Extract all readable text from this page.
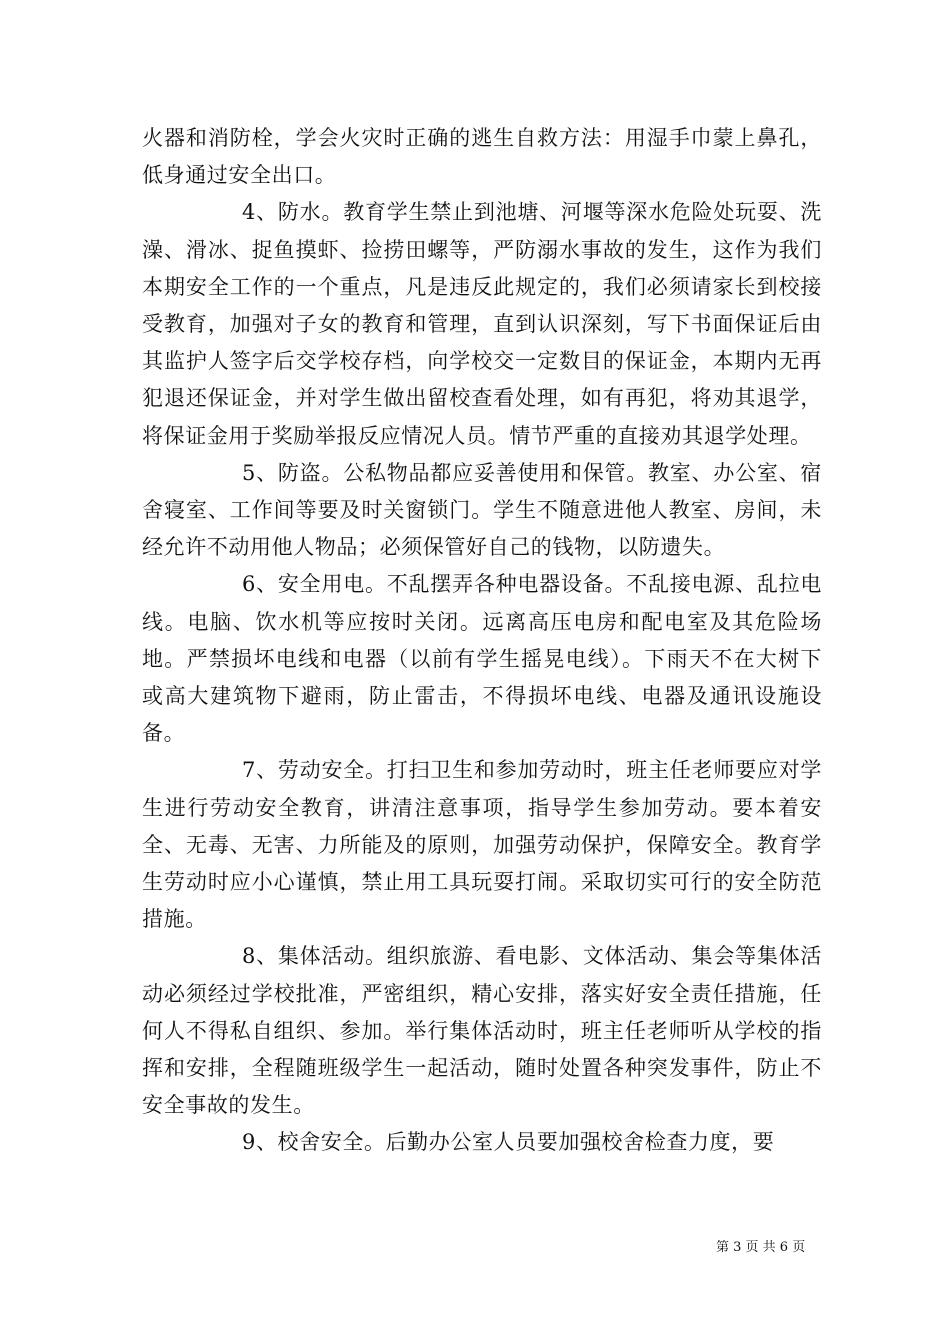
火器和消防栓，学会火灾时正确的逃生自救方法：用湿手巾蒙上鼻孔，低身通过安全出口。

4、防水。教育学生禁止到池塘、河堰等深水危险处玩耍、洗澡、滑冰、捉鱼摸虾、捡捞田螺等，严防溺水事故的发生，这作为我们本期安全工作的一个重点，凡是违反此规定的，我们必须请家长到校接受教育，加强对子女的教育和管理，直到认识深刻，写下书面保证后由其监护人签字后交学校存档，向学校交一定数目的保证金，本期内无再犯退还保证金，并对学生做出留校查看处理，如有再犯，将劝其退学，将保证金用于奖励举报反应情况人员。情节严重的直接劝其退学处理。

5、防盗。公私物品都应妥善使用和保管。教室、办公室、宿舍寝室、工作间等要及时关窗锁门。学生不随意进他人教室、房间，未经允许不动用他人物品；必须保管好自己的钱物，以防遗失。

6、安全用电。不乱摆弄各种电器设备。不乱接电源、乱拉电线。电脑、饮水机等应按时关闭。远离高压电房和配电室及其危险场地。严禁损坏电线和电器（以前有学生摇晃电线）。下雨天不在大树下或高大建筑物下避雨，防止雷击，不得损坏电线、电器及通讯设施设备。

7、劳动安全。打扫卫生和参加劳动时，班主任老师要应对学生进行劳动安全教育，讲清注意事项，指导学生参加劳动。要本着安全、无毒、无害、力所能及的原则，加强劳动保护，保障安全。教育学生劳动时应小心谨慎，禁止用工具玩耍打闹。采取切实可行的安全防范措施。

8、集体活动。组织旅游、看电影、文体活动、集会等集体活动必须经过学校批准，严密组织，精心安排，落实好安全责任措施，任何人不得私自组织、参加。举行集体活动时，班主任老师听从学校的指挥和安排，全程随班级学生一起活动，随时处置各种突发事件，防止不安全事故的发生。

9、校舍安全。后勤办公室人员要加强校舍检查力度，要

第 3 页 共 6 页
